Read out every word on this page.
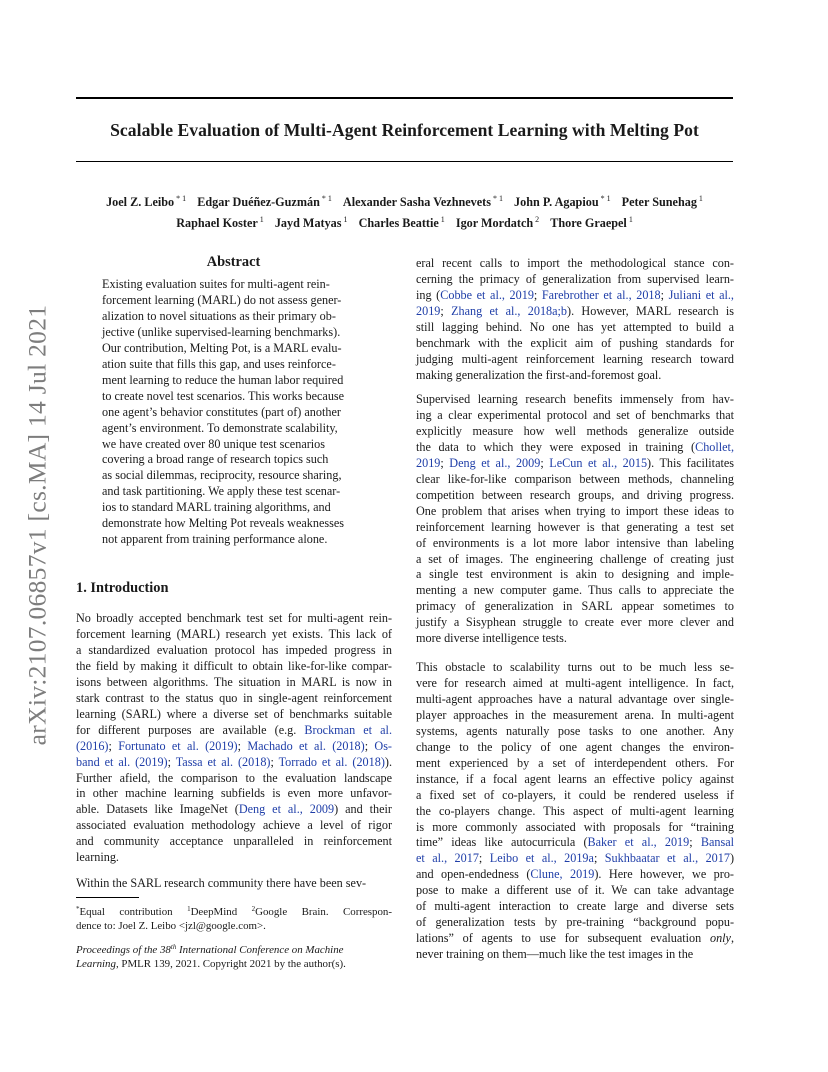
arXiv:2107.06857v1 [cs.MA] 14 Jul 2021
Scalable Evaluation of Multi-Agent Reinforcement Learning with Melting Pot
Joel Z. Leibo $^{* 1}$ Edgar Duéñez-Guzmán $^{* 1}$ Alexander Sasha Vezhnevets $^{* 1}$ John P. Agapiou $^{* 1}$ Peter Sunehag $^1$
Raphael Koster $^1$ Jayd Matyas $^1$ Charles Beattie $^1$ Igor Mordatch $^2$ Thore Graepel $^1$
Abstract
Existing evaluation suites for multi-agent rein-
forcement learning (MARL) do not assess gener-
alization to novel situations as their primary ob-
jective (unlike supervised-learning benchmarks).
Our contribution, Melting Pot, is a MARL evalu-
ation suite that fills this gap, and uses reinforce-
ment learning to reduce the human labor required
to create novel test scenarios. This works because
one agent’s behavior constitutes (part of) another
agent’s environment. To demonstrate scalability,
we have created over 80 unique test scenarios
covering a broad range of research topics such
as social dilemmas, reciprocity, resource sharing,
and task partitioning. We apply these test scenar-
ios to standard MARL training algorithms, and
demonstrate how Melting Pot reveals weaknesses
not apparent from training performance alone.
1. Introduction
No broadly accepted benchmark test set for multi-agent rein-
forcement learning (MARL) research yet exists. This lack of
a standardized evaluation protocol has impeded progress in
the field by making it difficult to obtain like-for-like compar-
isons between algorithms. The situation in MARL is now in
stark contrast to the status quo in single-agent reinforcement
learning (SARL) where a diverse set of benchmarks suitable
for different purposes are available (e.g. Brockman et al.
(2016); Fortunato et al. (2019); Machado et al. (2018); Os-
band et al. (2019); Tassa et al. (2018); Torrado et al. (2018)).
Further afield, the comparison to the evaluation landscape
in other machine learning subfields is even more unfavor-
able. Datasets like ImageNet (Deng et al., 2009) and their
associated evaluation methodology achieve a level of rigor
and community acceptance unparalleled in reinforcement
learning.
Within the SARL research community there have been sev-
*Equal contribution $^1$DeepMind $^2$Google Brain. Correspon-
dence to: Joel Z. Leibo <jzl@google.com>.
Proceedings of the 38th International Conference on Machine
Learning, PMLR 139, 2021. Copyright 2021 by the author(s).
eral recent calls to import the methodological stance con-
cerning the primacy of generalization from supervised learn-
ing (Cobbe et al., 2019; Farebrother et al., 2018; Juliani et al.,
2019; Zhang et al., 2018a;b). However, MARL research is
still lagging behind. No one has yet attempted to build a
benchmark with the explicit aim of pushing standards for
judging multi-agent reinforcement learning research toward
making generalization the first-and-foremost goal.
Supervised learning research benefits immensely from hav-
ing a clear experimental protocol and set of benchmarks that
explicitly measure how well methods generalize outside
the data to which they were exposed in training (Chollet,
2019; Deng et al., 2009; LeCun et al., 2015). This facilitates
clear like-for-like comparison between methods, channeling
competition between research groups, and driving progress.
One problem that arises when trying to import these ideas to
reinforcement learning however is that generating a test set
of environments is a lot more labor intensive than labeling
a set of images. The engineering challenge of creating just
a single test environment is akin to designing and imple-
menting a new computer game. Thus calls to appreciate the
primacy of generalization in SARL appear sometimes to
justify a Sisyphean struggle to create ever more clever and
more diverse intelligence tests.
This obstacle to scalability turns out to be much less se-
vere for research aimed at multi-agent intelligence. In fact,
multi-agent approaches have a natural advantage over single-
player approaches in the measurement arena. In multi-agent
systems, agents naturally pose tasks to one another. Any
change to the policy of one agent changes the environ-
ment experienced by a set of interdependent others. For
instance, if a focal agent learns an effective policy against
a fixed set of co-players, it could be rendered useless if
the co-players change. This aspect of multi-agent learning
is more commonly associated with proposals for “training
time” ideas like autocurricula (Baker et al., 2019; Bansal
et al., 2017; Leibo et al., 2019a; Sukhbaatar et al., 2017)
and open-endedness (Clune, 2019). Here however, we pro-
pose to make a different use of it. We can take advantage
of multi-agent interaction to create large and diverse sets
of generalization tests by pre-training “background popu-
lations” of agents to use for subsequent evaluation only,
never training on them—much like the test images in the
